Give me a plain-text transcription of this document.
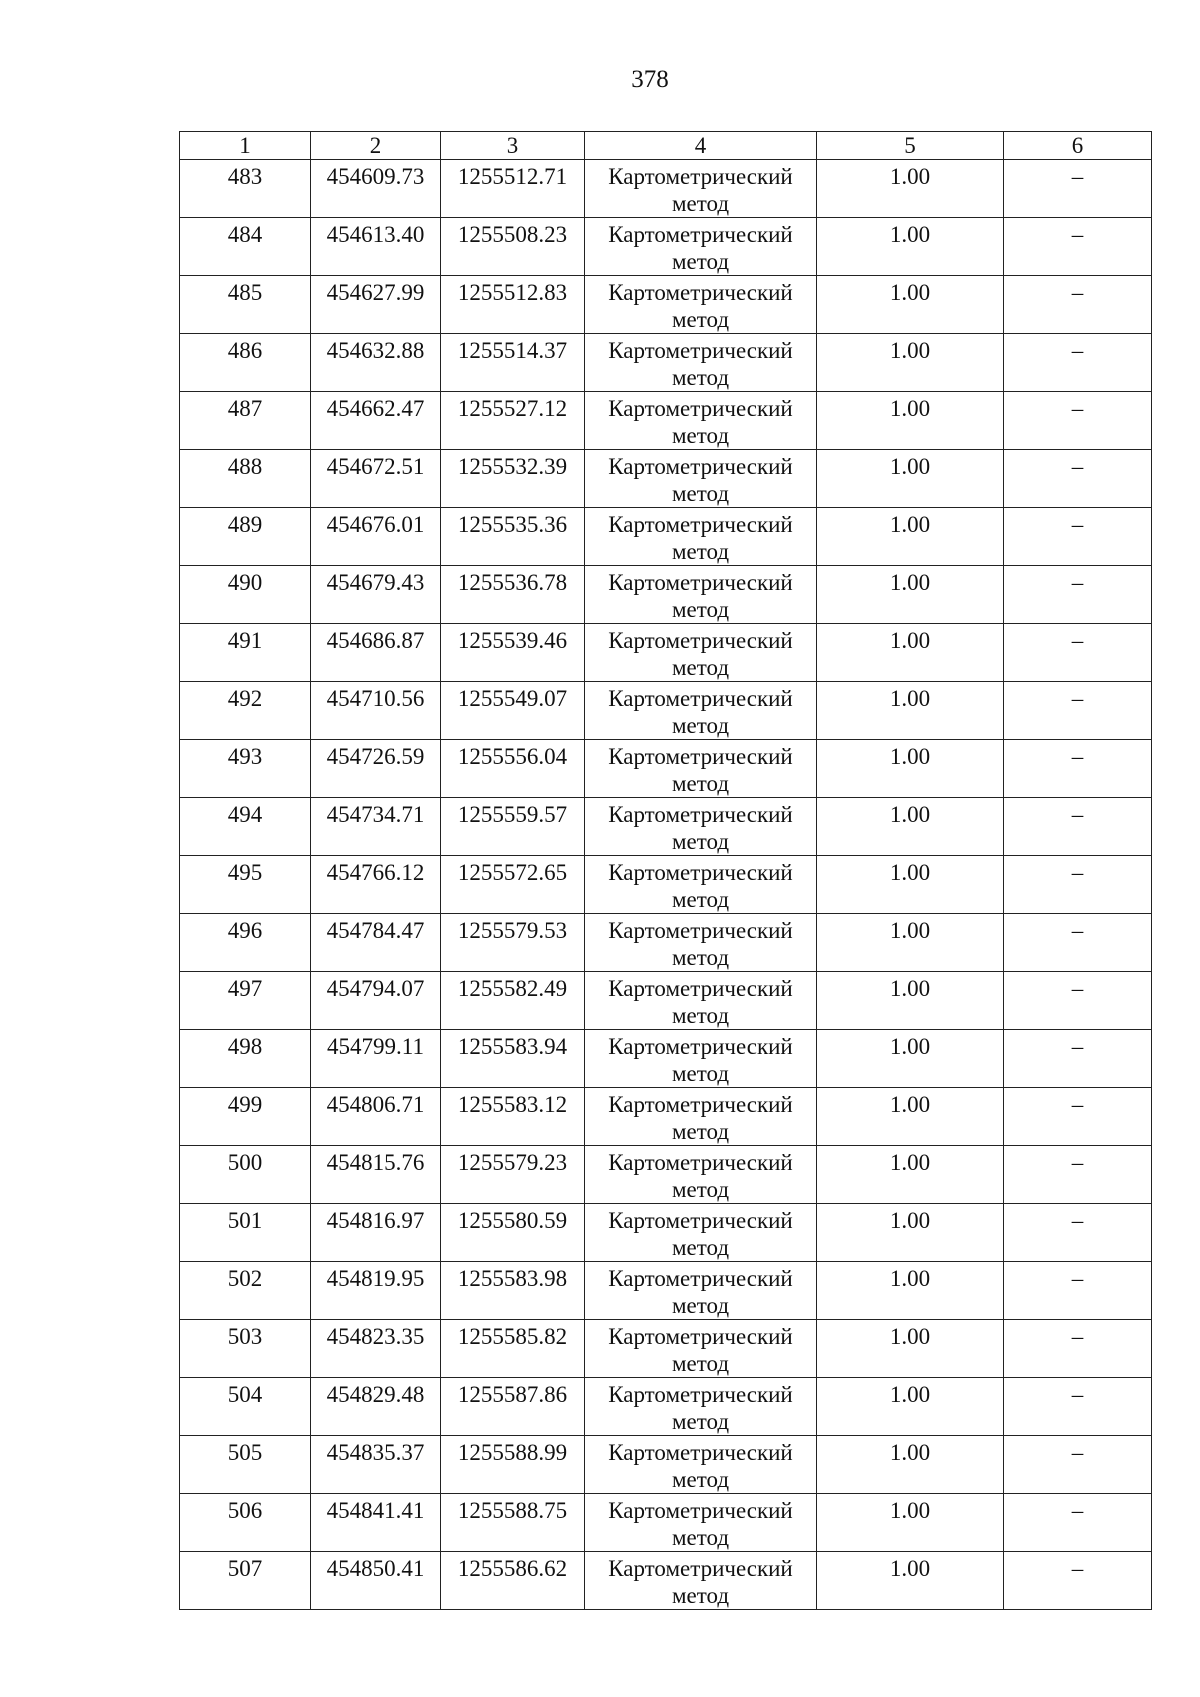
378
1	2	3	4	5	6
483	454609.73	1255512.71	Картометрический метод	1.00	–
484	454613.40	1255508.23	Картометрический метод	1.00	–
485	454627.99	1255512.83	Картометрический метод	1.00	–
486	454632.88	1255514.37	Картометрический метод	1.00	–
487	454662.47	1255527.12	Картометрический метод	1.00	–
488	454672.51	1255532.39	Картометрический метод	1.00	–
489	454676.01	1255535.36	Картометрический метод	1.00	–
490	454679.43	1255536.78	Картометрический метод	1.00	–
491	454686.87	1255539.46	Картометрический метод	1.00	–
492	454710.56	1255549.07	Картометрический метод	1.00	–
493	454726.59	1255556.04	Картометрический метод	1.00	–
494	454734.71	1255559.57	Картометрический метод	1.00	–
495	454766.12	1255572.65	Картометрический метод	1.00	–
496	454784.47	1255579.53	Картометрический метод	1.00	–
497	454794.07	1255582.49	Картометрический метод	1.00	–
498	454799.11	1255583.94	Картометрический метод	1.00	–
499	454806.71	1255583.12	Картометрический метод	1.00	–
500	454815.76	1255579.23	Картометрический метод	1.00	–
501	454816.97	1255580.59	Картометрический метод	1.00	–
502	454819.95	1255583.98	Картометрический метод	1.00	–
503	454823.35	1255585.82	Картометрический метод	1.00	–
504	454829.48	1255587.86	Картометрический метод	1.00	–
505	454835.37	1255588.99	Картометрический метод	1.00	–
506	454841.41	1255588.75	Картометрический метод	1.00	–
507	454850.41	1255586.62	Картометрический метод	1.00	–
